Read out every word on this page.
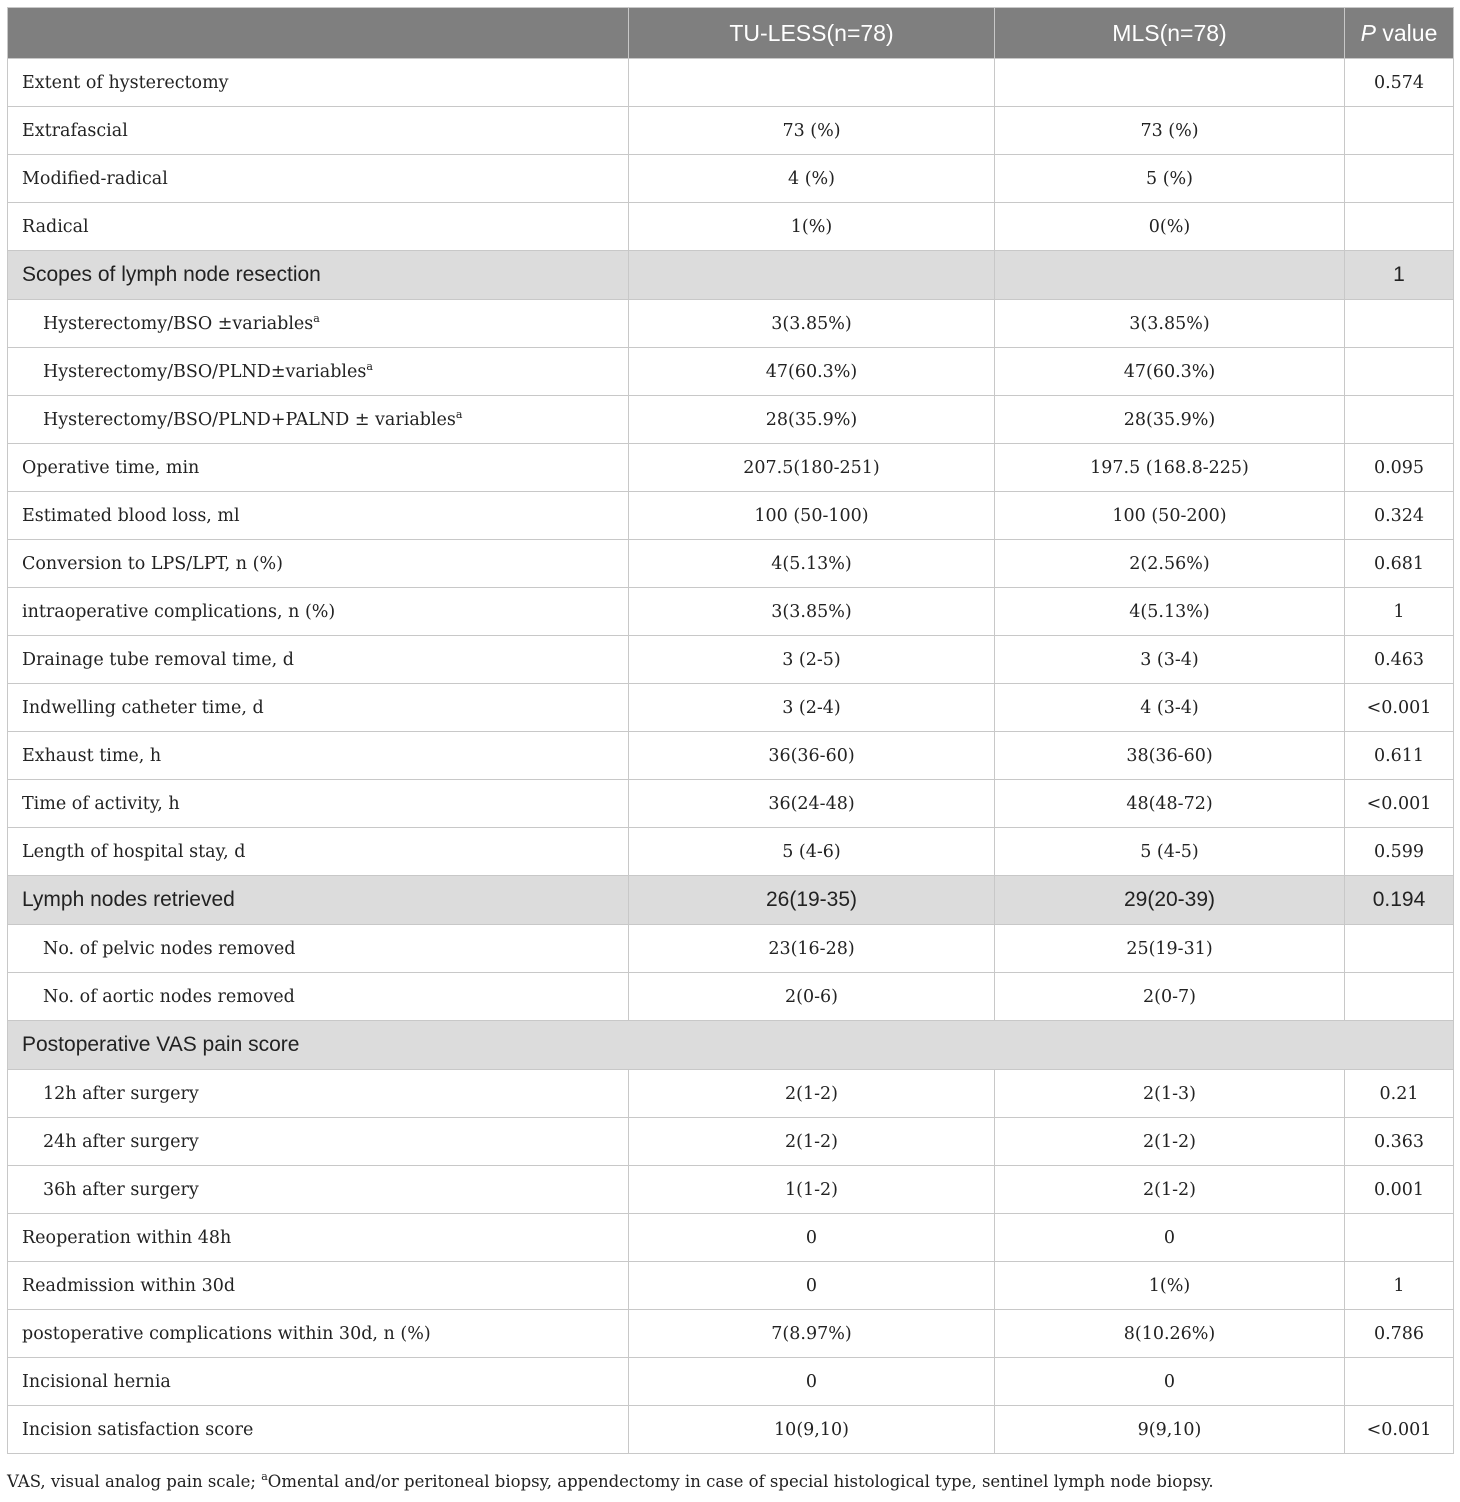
	TU-LESS(n=78)	MLS(n=78)	P value
Extent of hysterectomy			0.574
Extrafascial	73 (%)	73 (%)	
Modified-radical	4 (%)	5 (%)	
Radical	1(%)	0(%)	
Scopes of lymph node resection			1
Hysterectomy/BSO ±variables$^a$	3(3.85%)	3(3.85%)	
Hysterectomy/BSO/PLND±variables$^a$	47(60.3%)	47(60.3%)	
Hysterectomy/BSO/PLND+PALND ± variables$^a$	28(35.9%)	28(35.9%)	
Operative time, min	207.5(180-251)	197.5 (168.8-225)	0.095
Estimated blood loss, ml	100 (50-100)	100 (50-200)	0.324
Conversion to LPS/LPT, n (%)	4(5.13%)	2(2.56%)	0.681
intraoperative complications, n (%)	3(3.85%)	4(5.13%)	1
Drainage tube removal time, d	3 (2-5)	3 (3-4)	0.463
Indwelling catheter time, d	3 (2-4)	4 (3-4)	<0.001
Exhaust time, h	36(36-60)	38(36-60)	0.611
Time of activity, h	36(24-48)	48(48-72)	<0.001
Length of hospital stay, d	5 (4-6)	5 (4-5)	0.599
Lymph nodes retrieved	26(19-35)	29(20-39)	0.194
No. of pelvic nodes removed	23(16-28)	25(19-31)	
No. of aortic nodes removed	2(0-6)	2(0-7)	
Postoperative VAS pain score			
12h after surgery	2(1-2)	2(1-3)	0.21
24h after surgery	2(1-2)	2(1-2)	0.363
36h after surgery	1(1-2)	2(1-2)	0.001
Reoperation within 48h	0	0	
Readmission within 30d	0	1(%)	1
postoperative complications within 30d, n (%)	7(8.97%)	8(10.26%)	0.786
Incisional hernia	0	0	
Incision satisfaction score	10(9,10)	9(9,10)	<0.001
VAS, visual analog pain scale; $^a$Omental and/or peritoneal biopsy, appendectomy in case of special histological type, sentinel lymph node biopsy.
